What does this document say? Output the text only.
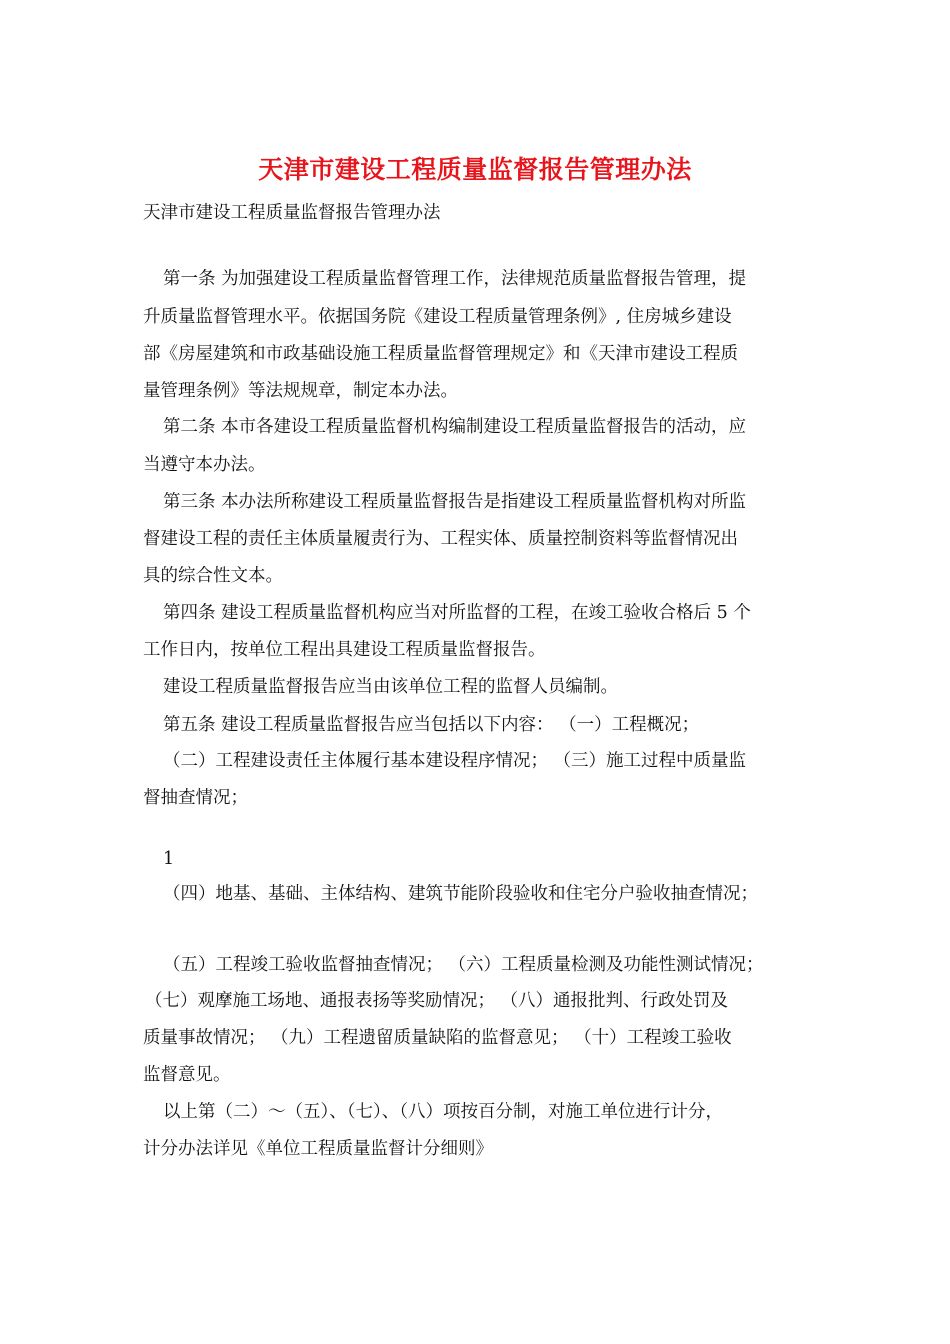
天津市建设工程质量监督报告管理办法
天津市建设工程质量监督报告管理办法
第一条 为加强建设工程质量监督管理工作，法律规范质量监督报告管理，提
升质量监督管理水平。依据国务院《建设工程质量管理条例》, 住房城乡建设
部《房屋建筑和市政基础设施工程质量监督管理规定》和《天津市建设工程质
量管理条例》等法规规章，制定本办法。
第二条 本市各建设工程质量监督机构编制建设工程质量监督报告的活动，应
当遵守本办法。
第三条 本办法所称建设工程质量监督报告是指建设工程质量监督机构对所监
督建设工程的责任主体质量履责行为、工程实体、质量控制资料等监督情况出
具的综合性文本。
第四条 建设工程质量监督机构应当对所监督的工程，在竣工验收合格后 5 个
工作日内，按单位工程出具建设工程质量监督报告。
建设工程质量监督报告应当由该单位工程的监督人员编制。
第五条 建设工程质量监督报告应当包括以下内容： （一）工程概况；
（二）工程建设责任主体履行基本建设程序情况； （三）施工过程中质量监
督抽查情况；
1
（四）地基、基础、主体结构、建筑节能阶段验收和住宅分户验收抽查情况；
（五）工程竣工验收监督抽查情况； （六）工程质量检测及功能性测试情况；
（七）观摩施工场地、通报表扬等奖励情况； （八）通报批判、行政处罚及
质量事故情况； （九）工程遗留质量缺陷的监督意见； （十）工程竣工验收
监督意见。
以上第（二）～（五）、（七）、（八）项按百分制，对施工单位进行计分，
计分办法详见《单位工程质量监督计分细则》
